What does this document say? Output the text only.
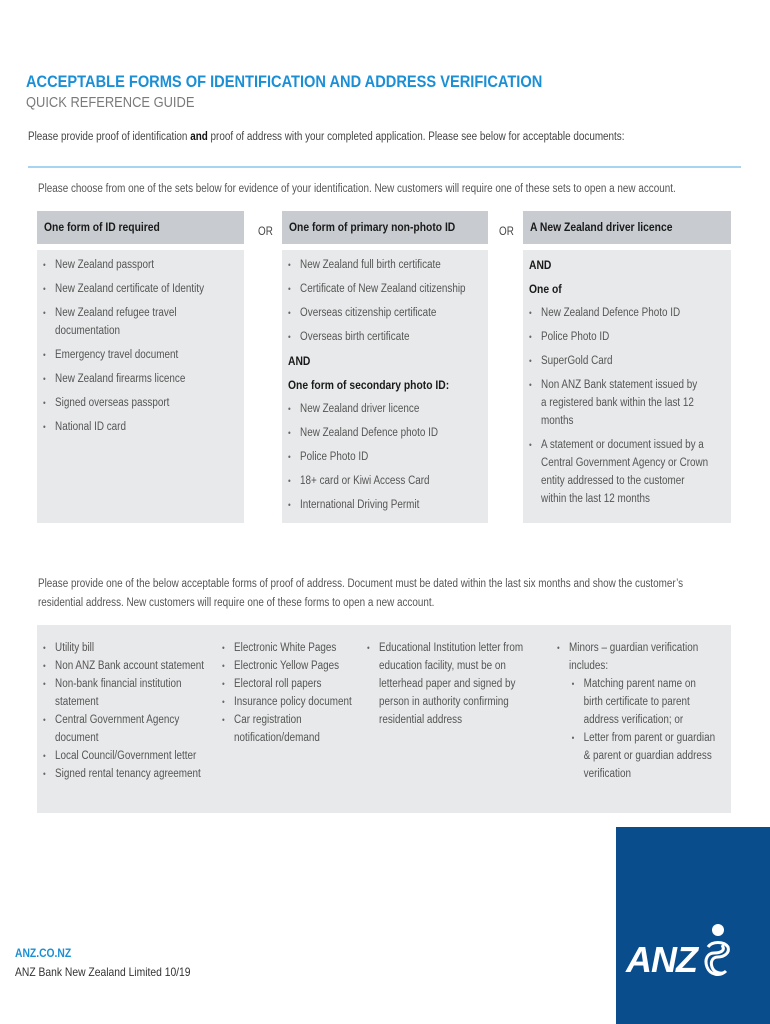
ACCEPTABLE FORMS OF IDENTIFICATION AND ADDRESS VERIFICATION
QUICK REFERENCE GUIDE
Please provide proof of identification and proof of address with your completed application. Please see below for acceptable documents:
Please choose from one of the sets below for evidence of your identification. New customers will require one of these sets to open a new account.
One form of ID required	OR One form of primary non-photo ID	OR A New Zealand driver licence
• New Zealand passport
• New Zealand certificate of Identity
• New Zealand refugee travel documentation
• Emergency travel document
• New Zealand firearms licence
• Signed overseas passport
• National ID card
• New Zealand full birth certificate
• Certificate of New Zealand citizenship
• Overseas citizenship certificate
• Overseas birth certificate
AND
One form of secondary photo ID:
• New Zealand driver licence
• New Zealand Defence photo ID
• Police Photo ID
• 18+ card or Kiwi Access Card
• International Driving Permit
AND
One of
• New Zealand Defence Photo ID
• Police Photo ID
• SuperGold Card
• Non ANZ Bank statement issued by a registered bank within the last 12 months
• A statement or document issued by a Central Government Agency or Crown entity addressed to the customer within the last 12 months
Please provide one of the below acceptable forms of proof of address. Document must be dated within the last six months and show the customer’s
residential address. New customers will require one of these forms to open a new account.
• Utility bill
• Non ANZ Bank account statement
• Non-bank financial institution statement
• Central Government Agency document
• Local Council/Government letter
• Signed rental tenancy agreement
• Electronic White Pages
• Electronic Yellow Pages
• Electoral roll papers
• Insurance policy document
• Car registration notification/demand
• Educational Institution letter from education facility, must be on letterhead paper and signed by person in authority confirming residential address
• Minors – guardian verification includes:
• Matching parent name on birth certificate to parent address verification; or
• Letter from parent or guardian & parent or guardian address verification
ANZ.CO.NZ
ANZ Bank New Zealand Limited 10/19	ANZ
